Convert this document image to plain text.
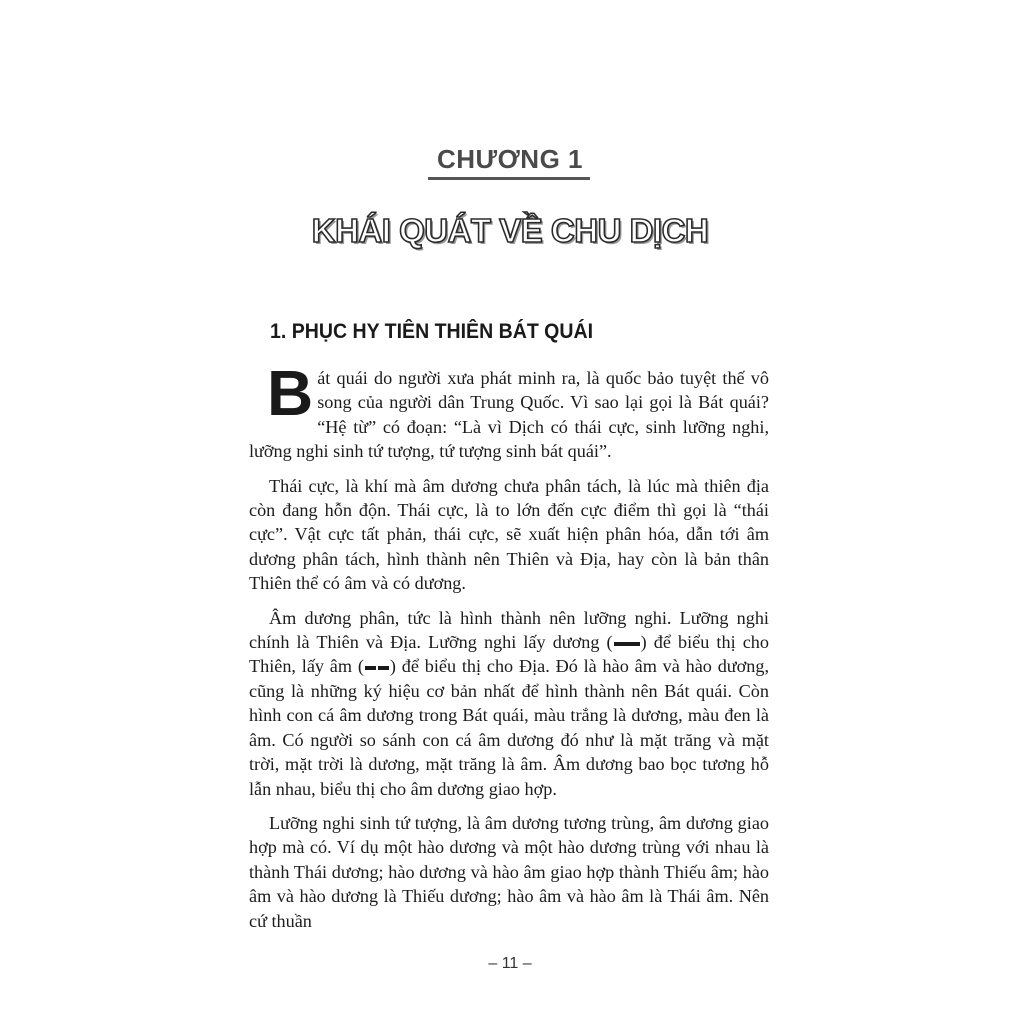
CHƯƠNG 1
KHÁI QUÁT VỀ CHU DỊCH
1. PHỤC HY TIÊN THIÊN BÁT QUÁI

Bát quái do người xưa phát minh ra, là quốc bảo tuyệt thế vô song của người dân Trung Quốc. Vì sao lại gọi là Bát quái? “Hệ từ” có đoạn: “Là vì Dịch có thái cực, sinh lưỡng nghi, lưỡng nghi sinh tứ tượng, tứ tượng sinh bát quái”.

Thái cực, là khí mà âm dương chưa phân tách, là lúc mà thiên địa còn đang hỗn độn. Thái cực, là to lớn đến cực điểm thì gọi là “thái cực”. Vật cực tất phản, thái cực, sẽ xuất hiện phân hóa, dẫn tới âm dương phân tách, hình thành nên Thiên và Địa, hay còn là bản thân Thiên thể có âm và có dương.

Âm dương phân, tức là hình thành nên lưỡng nghi. Lưỡng nghi chính là Thiên và Địa. Lưỡng nghi lấy dương ( ) để biểu thị cho Thiên, lấy âm ( ) để biểu thị cho Địa. Đó là hào âm và hào dương, cũng là những ký hiệu cơ bản nhất để hình thành nên Bát quái. Còn hình con cá âm dương trong Bát quái, màu trắng là dương, màu đen là âm. Có người so sánh con cá âm dương đó như là mặt trăng và mặt trời, mặt trời là dương, mặt trăng là âm. Âm dương bao bọc tương hỗ lẫn nhau, biểu thị cho âm dương giao hợp.

Lưỡng nghi sinh tứ tượng, là âm dương tương trùng, âm dương giao hợp mà có. Ví dụ một hào dương và một hào dương trùng với nhau là thành Thái dương; hào dương và hào âm giao hợp thành Thiếu âm; hào âm và hào dương là Thiếu dương; hào âm và hào âm là Thái âm. Nên cứ thuần

– 11 –
